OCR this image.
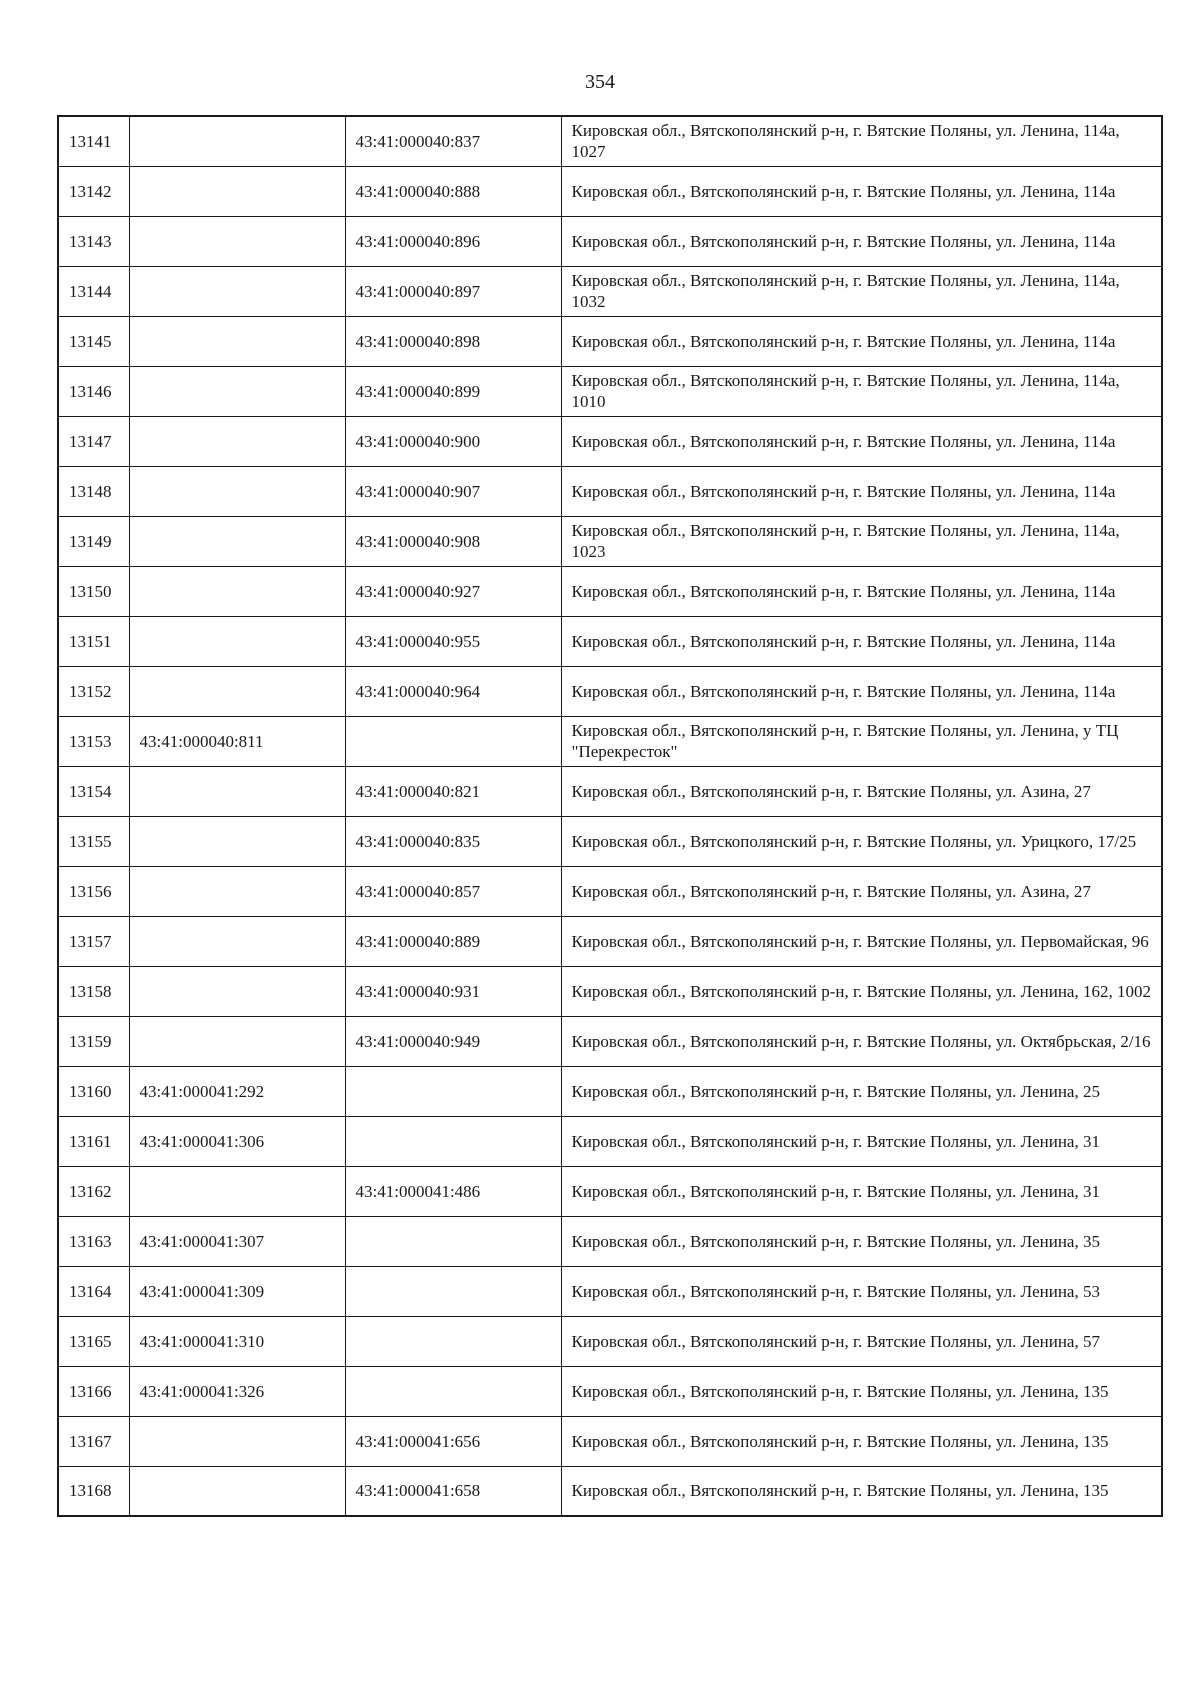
354
13141		43:41:000040:837	Кировская обл., Вятскополянский р-н, г. Вятские Поляны, ул. Ленина, 114а, 1027

13142		43:41:000040:888	Кировская обл., Вятскополянский р-н, г. Вятские Поляны, ул. Ленина, 114а

13143		43:41:000040:896	Кировская обл., Вятскополянский р-н, г. Вятские Поляны, ул. Ленина, 114а

13144		43:41:000040:897	Кировская обл., Вятскополянский р-н, г. Вятские Поляны, ул. Ленина, 114а, 1032

13145		43:41:000040:898	Кировская обл., Вятскополянский р-н, г. Вятские Поляны, ул. Ленина, 114а

13146		43:41:000040:899	Кировская обл., Вятскополянский р-н, г. Вятские Поляны, ул. Ленина, 114а, 1010

13147		43:41:000040:900	Кировская обл., Вятскополянский р-н, г. Вятские Поляны, ул. Ленина, 114а

13148		43:41:000040:907	Кировская обл., Вятскополянский р-н, г. Вятские Поляны, ул. Ленина, 114а

13149		43:41:000040:908	Кировская обл., Вятскополянский р-н, г. Вятские Поляны, ул. Ленина, 114а, 1023

13150		43:41:000040:927	Кировская обл., Вятскополянский р-н, г. Вятские Поляны, ул. Ленина, 114а

13151		43:41:000040:955	Кировская обл., Вятскополянский р-н, г. Вятские Поляны, ул. Ленина, 114а

13152		43:41:000040:964	Кировская обл., Вятскополянский р-н, г. Вятские Поляны, ул. Ленина, 114а

13153	43:41:000040:811		Кировская обл., Вятскополянский р-н, г. Вятские Поляны, ул. Ленина, у ТЦ "Перекресток"

13154		43:41:000040:821	Кировская обл., Вятскополянский р-н, г. Вятские Поляны, ул. Азина, 27

13155		43:41:000040:835	Кировская обл., Вятскополянский р-н, г. Вятские Поляны, ул. Урицкого, 17/25

13156		43:41:000040:857	Кировская обл., Вятскополянский р-н, г. Вятские Поляны, ул. Азина, 27

13157		43:41:000040:889	Кировская обл., Вятскополянский р-н, г. Вятские Поляны, ул. Первомайская, 96

13158		43:41:000040:931	Кировская обл., Вятскополянский р-н, г. Вятские Поляны, ул. Ленина, 162, 1002

13159		43:41:000040:949	Кировская обл., Вятскополянский р-н, г. Вятские Поляны, ул. Октябрьская, 2/16

13160	43:41:000041:292		Кировская обл., Вятскополянский р-н, г. Вятские Поляны, ул. Ленина, 25

13161	43:41:000041:306		Кировская обл., Вятскополянский р-н, г. Вятские Поляны, ул. Ленина, 31

13162		43:41:000041:486	Кировская обл., Вятскополянский р-н, г. Вятские Поляны, ул. Ленина, 31

13163	43:41:000041:307		Кировская обл., Вятскополянский р-н, г. Вятские Поляны, ул. Ленина, 35

13164	43:41:000041:309		Кировская обл., Вятскополянский р-н, г. Вятские Поляны, ул. Ленина, 53

13165	43:41:000041:310		Кировская обл., Вятскополянский р-н, г. Вятские Поляны, ул. Ленина, 57

13166	43:41:000041:326		Кировская обл., Вятскополянский р-н, г. Вятские Поляны, ул. Ленина, 135

13167		43:41:000041:656	Кировская обл., Вятскополянский р-н, г. Вятские Поляны, ул. Ленина, 135

13168		43:41:000041:658	Кировская обл., Вятскополянский р-н, г. Вятские Поляны, ул. Ленина, 135
